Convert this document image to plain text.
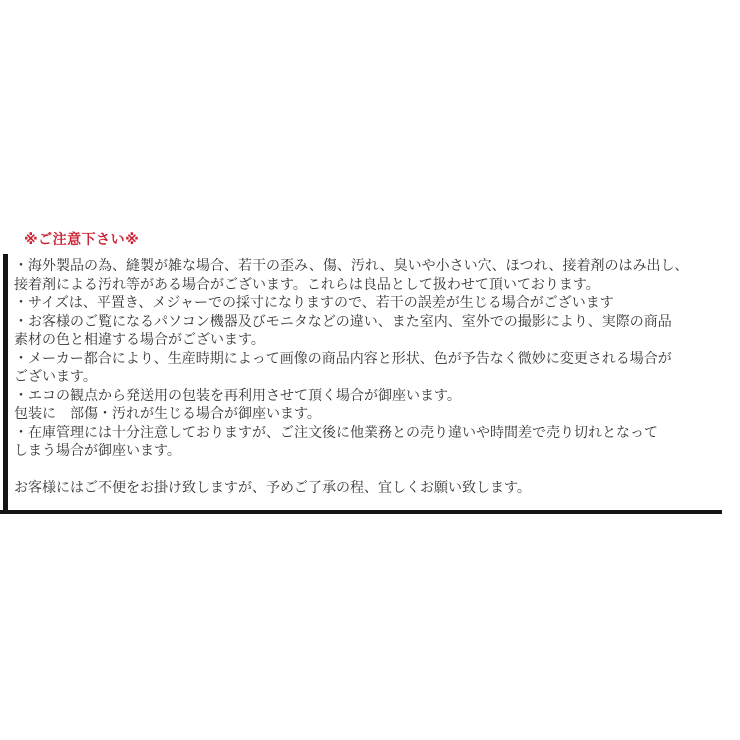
※ご注意下さい※
・海外製品の為、縫製が雑な場合、若干の歪み、傷、汚れ、臭いや小さい穴、ほつれ、接着剤のはみ出し、
接着剤による汚れ等がある場合がございます。これらは良品として扱わせて頂いております。
・サイズは、平置き、メジャーでの採寸になりますので、若干の誤差が生じる場合がございます
・お客様のご覧になるパソコン機器及びモニタなどの違い、また室内、室外での撮影により、実際の商品
素材の色と相違する場合がございます。
・メーカー都合により、生産時期によって画像の商品内容と形状、色が予告なく微妙に変更される場合が
ございます。
・エコの観点から発送用の包装を再利用させて頂く場合が御座います。
包装に　部傷・汚れが生じる場合が御座います。
・在庫管理には十分注意しておりますが、ご注文後に他業務との売り違いや時間差で売り切れとなって
しまう場合が御座います。
お客様にはご不便をお掛け致しますが、予めご了承の程、宜しくお願い致します。
